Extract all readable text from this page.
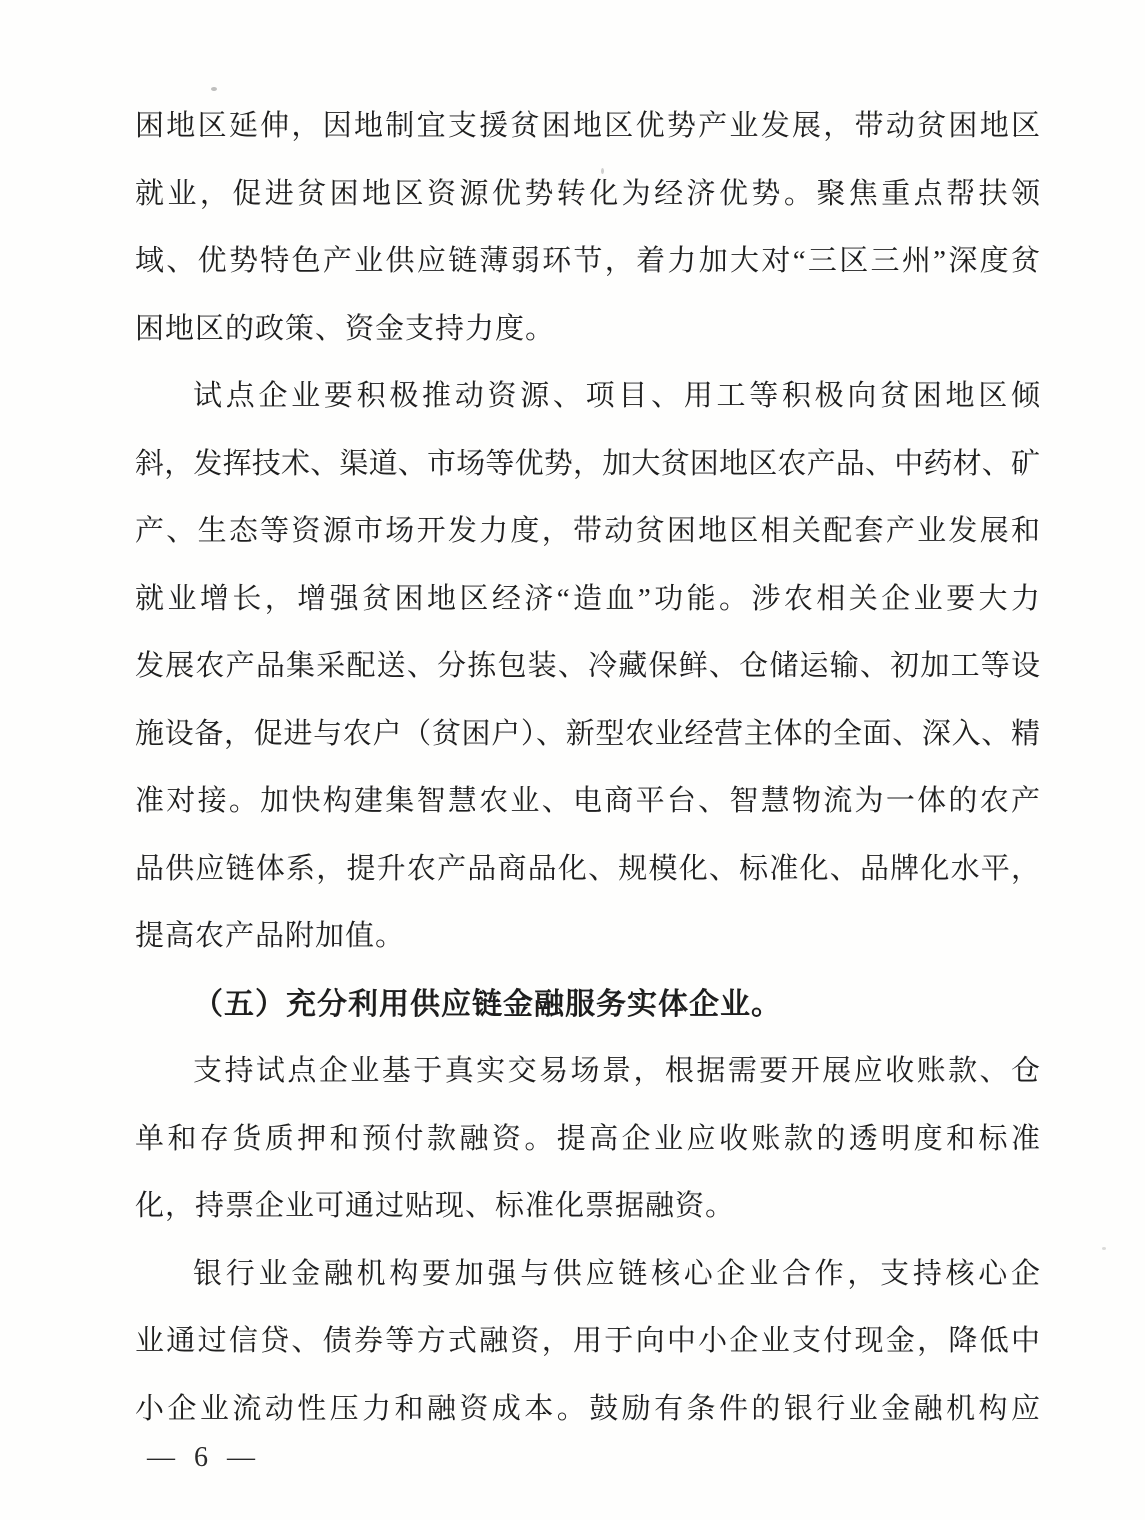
困地区延伸，因地制宜支援贫困地区优势产业发展，带动贫困地区
就业，促进贫困地区资源优势转化为经济优势。聚焦重点帮扶领
域、优势特色产业供应链薄弱环节，着力加大对“三区三州”深度贫
困地区的政策、资金支持力度。
试点企业要积极推动资源、项目、用工等积极向贫困地区倾
斜，发挥技术、渠道、市场等优势，加大贫困地区农产品、中药材、矿
产、生态等资源市场开发力度，带动贫困地区相关配套产业发展和
就业增长，增强贫困地区经济“造血”功能。涉农相关企业要大力
发展农产品集采配送、分拣包装、冷藏保鲜、仓储运输、初加工等设
施设备，促进与农户（贫困户）、新型农业经营主体的全面、深入、精
准对接。加快构建集智慧农业、电商平台、智慧物流为一体的农产
品供应链体系，提升农产品商品化、规模化、标准化、品牌化水平，
提高农产品附加值。
（五）充分利用供应链金融服务实体企业。
支持试点企业基于真实交易场景，根据需要开展应收账款、仓
单和存货质押和预付款融资。提高企业应收账款的透明度和标准
化，持票企业可通过贴现、标准化票据融资。
银行业金融机构要加强与供应链核心企业合作，支持核心企
业通过信贷、债券等方式融资，用于向中小企业支付现金，降低中
小企业流动性压力和融资成本。鼓励有条件的银行业金融机构应
— 6 —
